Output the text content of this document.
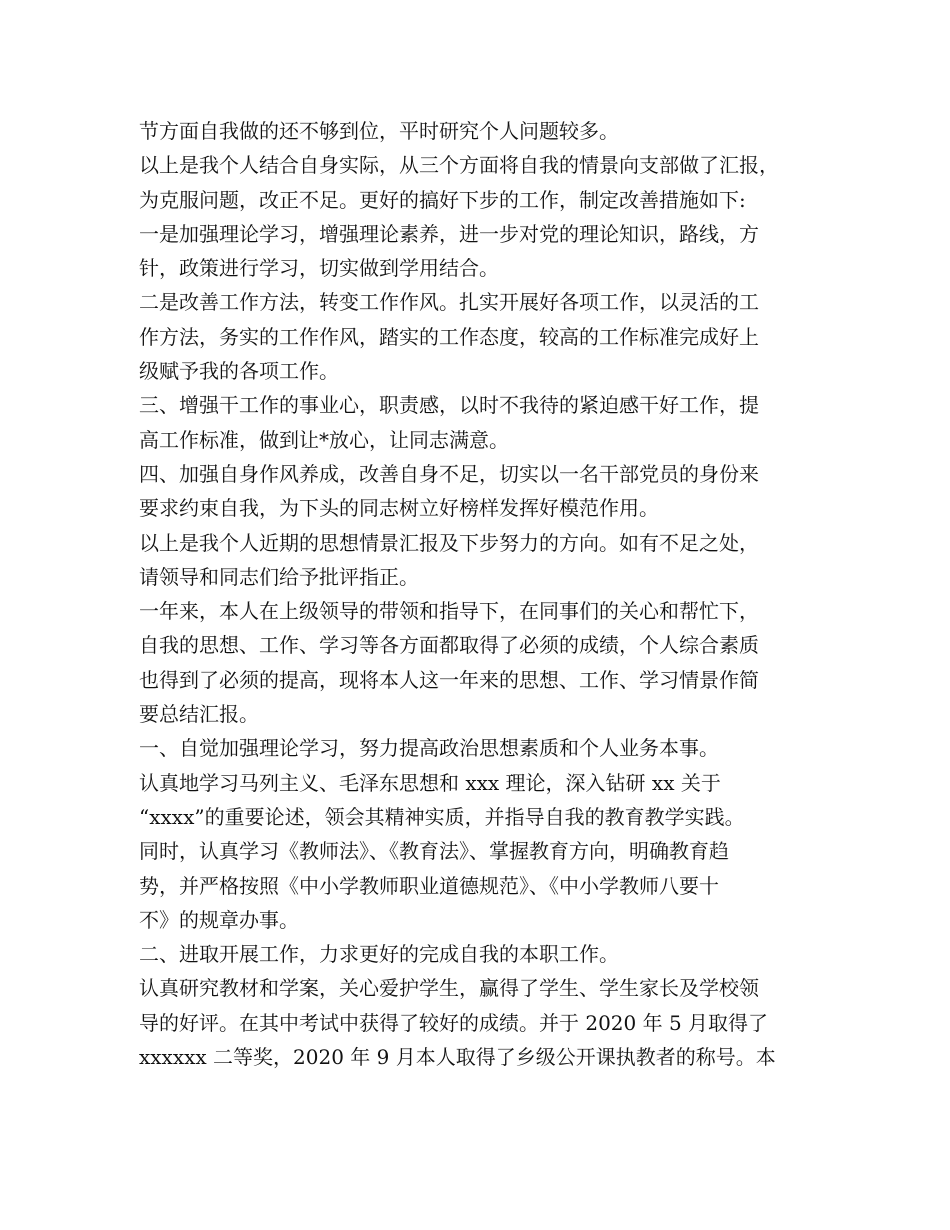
节方面自我做的还不够到位，平时研究个人问题较多。
以上是我个人结合自身实际，从三个方面将自我的情景向支部做了汇报，
为克服问题，改正不足。更好的搞好下步的工作，制定改善措施如下:
一是加强理论学习，增强理论素养，进一步对党的理论知识，路线，方
针，政策进行学习，切实做到学用结合。
二是改善工作方法，转变工作作风。扎实开展好各项工作，以灵活的工
作方法，务实的工作作风，踏实的工作态度，较高的工作标准完成好上
级赋予我的各项工作。
三、增强干工作的事业心，职责感，以时不我待的紧迫感干好工作，提
高工作标准，做到让*放心，让同志满意。
四、加强自身作风养成，改善自身不足，切实以一名干部党员的身份来
要求约束自我，为下头的同志树立好榜样发挥好模范作用。
以上是我个人近期的思想情景汇报及下步努力的方向。如有不足之处，
请领导和同志们给予批评指正。
一年来，本人在上级领导的带领和指导下，在同事们的关心和帮忙下，
自我的思想、工作、学习等各方面都取得了必须的成绩，个人综合素质
也得到了必须的提高，现将本人这一年来的思想、工作、学习情景作简
要总结汇报。
一、自觉加强理论学习，努力提高政治思想素质和个人业务本事。
认真地学习马列主义、毛泽东思想和 xxx 理论，深入钻研 xx 关于
“xxxx”的重要论述，领会其精神实质，并指导自我的教育教学实践。
同时，认真学习《教师法》、《教育法》、掌握教育方向，明确教育趋
势，并严格按照《中小学教师职业道德规范》、《中小学教师八要十
不》的规章办事。
二、进取开展工作，力求更好的完成自我的本职工作。
认真研究教材和学案，关心爱护学生，赢得了学生、学生家长及学校领
导的好评。在其中考试中获得了较好的成绩。并于 2020 年 5 月取得了
xxxxxx 二等奖，2020 年 9 月本人取得了乡级公开课执教者的称号。本
